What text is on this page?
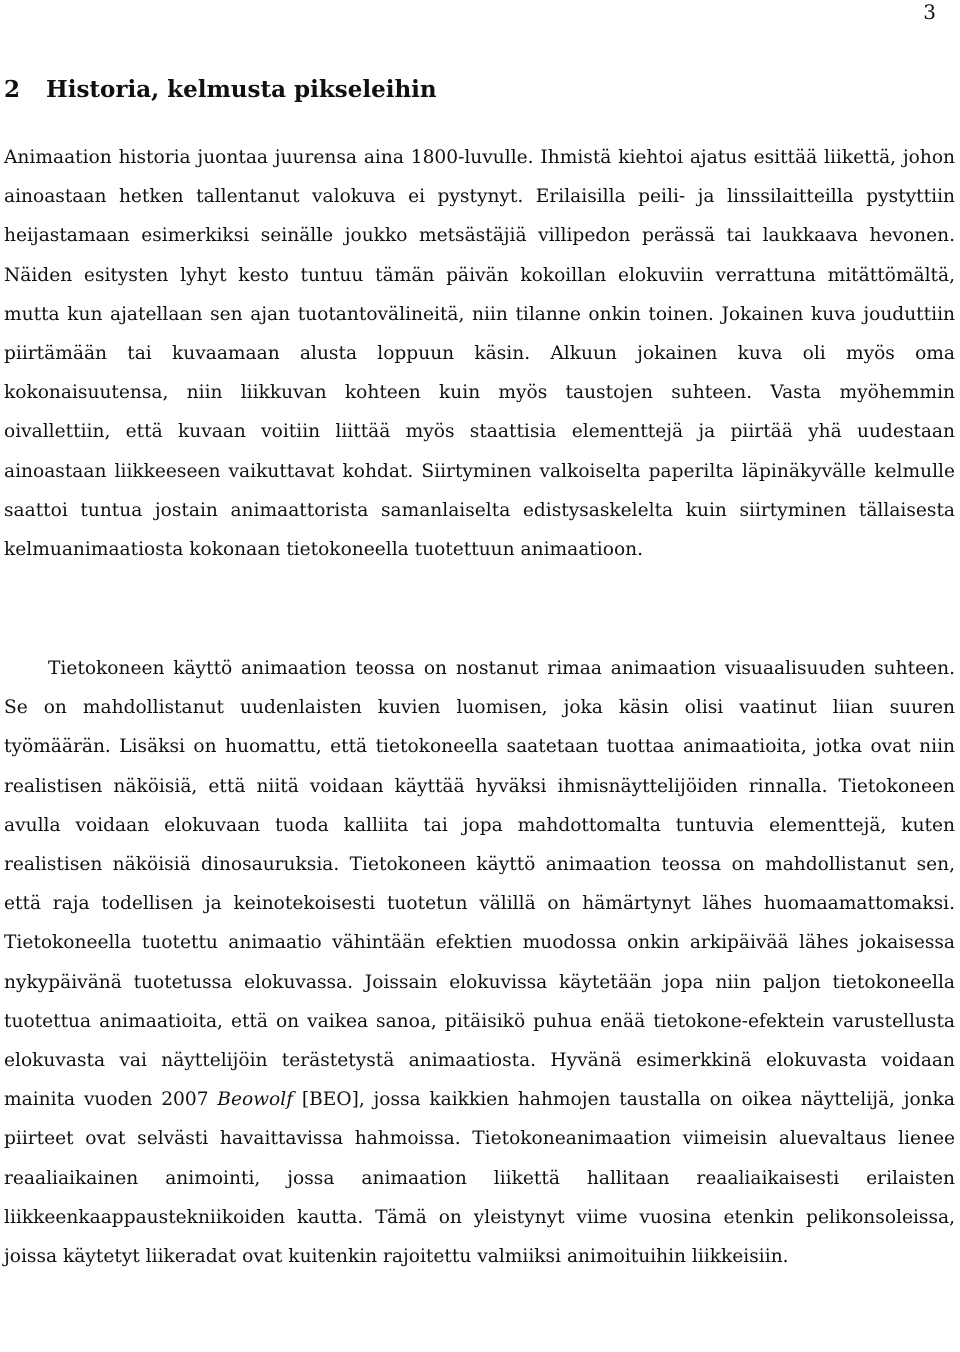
3
2 Historia, kelmusta pikseleihin

Animaation historia juontaa juurensa aina 1800-luvulle. Ihmistä kiehtoi ajatus esittää liikettä, johon ainoastaan hetken tallentanut valokuva ei pystynyt. Erilaisilla peili- ja linssilaitteilla pystyttiin heijastamaan esimerkiksi seinälle joukko metsästäjiä villipedon perässä tai laukkaava hevonen. Näiden esitysten lyhyt kesto tuntuu tämän päivän kokoillan elokuviin verrattuna mitättömältä, mutta kun ajatellaan sen ajan tuotantovälineitä, niin tilanne onkin toinen. Jokainen kuva jouduttiin piirtämään tai kuvaamaan alusta loppuun käsin. Alkuun jokainen kuva oli myös oma kokonaisuutensa, niin liikkuvan kohteen kuin myös taustojen suhteen. Vasta myöhemmin oivallettiin, että kuvaan voitiin liittää myös staattisia elementtejä ja piirtää yhä uudestaan ainoastaan liikkeeseen vaikuttavat kohdat. Siirtyminen valkoiselta paperilta läpinäkyvälle kelmulle saattoi tuntua jostain animaattorista samanlaiselta edistysaskelelta kuin siirtyminen tällaisesta kelmuanimaatiosta kokonaan tietokoneella tuotettuun animaatioon.

Tietokoneen käyttö animaation teossa on nostanut rimaa animaation visuaalisuuden suhteen. Se on mahdollistanut uudenlaisten kuvien luomisen, joka käsin olisi vaatinut liian suuren työmäärän. Lisäksi on huomattu, että tietokoneella saatetaan tuottaa animaatioita, jotka ovat niin realistisen näköisiä, että niitä voidaan käyttää hyväksi ihmisnäyttelijöiden rinnalla. Tietokoneen avulla voidaan elokuvaan tuoda kalliita tai jopa mahdottomalta tuntuvia elementtejä, kuten realistisen näköisiä dinosauruksia. Tietokoneen käyttö animaation teossa on mahdollistanut sen, että raja todellisen ja keinotekoisesti tuotetun välillä on hämärtynyt lähes huomaamattomaksi. Tietokoneella tuotettu animaatio vähintään efektien muodossa onkin arkipäivää lähes jokaisessa nykypäivänä tuotetussa elokuvassa. Joissain elokuvissa käytetään jopa niin paljon tietokoneella tuotettua animaatioita, että on vaikea sanoa, pitäisikö puhua enää tietokone-efektein varustellusta elokuvasta vai näyttelijöin terästetystä animaatiosta. Hyvänä esimerkkinä elokuvasta voidaan mainita vuoden 2007 Beowolf [BEO], jossa kaikkien hahmojen taustalla on oikea näyttelijä, jonka piirteet ovat selvästi havaittavissa hahmoissa. Tietokoneanimaation viimeisin aluevaltaus lienee reaaliaikainen animointi, jossa animaation liikettä hallitaan reaaliaikaisesti erilaisten liikkeenkaappaustekniikoiden kautta. Tämä on yleistynyt viime vuosina etenkin pelikonsoleissa, joissa käytetyt liikeradat ovat kuitenkin rajoitettu valmiiksi animoituihin liikkeisiin.
